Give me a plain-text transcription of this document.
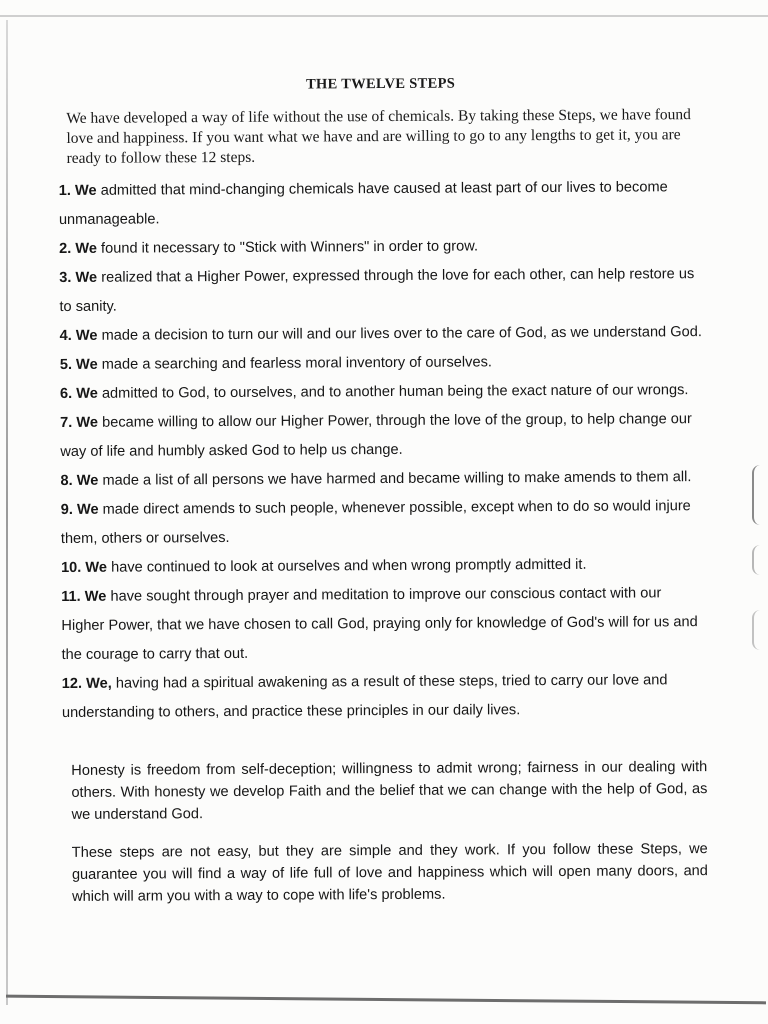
THE TWELVE STEPS

We have developed a way of life without the use of chemicals. By taking these Steps, we have found love and happiness. If you want what we have and are willing to go to any lengths to get it, you are ready to follow these 12 steps.

1. We admitted that mind-changing chemicals have caused at least part of our lives to become unmanageable.

2. We found it necessary to "Stick with Winners" in order to grow.

3. We realized that a Higher Power, expressed through the love for each other, can help restore us to sanity.

4. We made a decision to turn our will and our lives over to the care of God, as we understand God.

5. We made a searching and fearless moral inventory of ourselves.

6. We admitted to God, to ourselves, and to another human being the exact nature of our wrongs.

7. We became willing to allow our Higher Power, through the love of the group, to help change our way of life and humbly asked God to help us change.

8. We made a list of all persons we have harmed and became willing to make amends to them all.

9. We made direct amends to such people, whenever possible, except when to do so would injure them, others or ourselves.

10. We have continued to look at ourselves and when wrong promptly admitted it.

11. We have sought through prayer and meditation to improve our conscious contact with our Higher Power, that we have chosen to call God, praying only for knowledge of God's will for us and the courage to carry that out.

12. We, having had a spiritual awakening as a result of these steps, tried to carry our love and understanding to others, and practice these principles in our daily lives.

Honesty is freedom from self-deception; willingness to admit wrong; fairness in our dealing with others. With honesty we develop Faith and the belief that we can change with the help of God, as we understand God.

These steps are not easy, but they are simple and they work. If you follow these Steps, we guarantee you will find a way of life full of love and happiness which will open many doors, and which will arm you with a way to cope with life's problems.
